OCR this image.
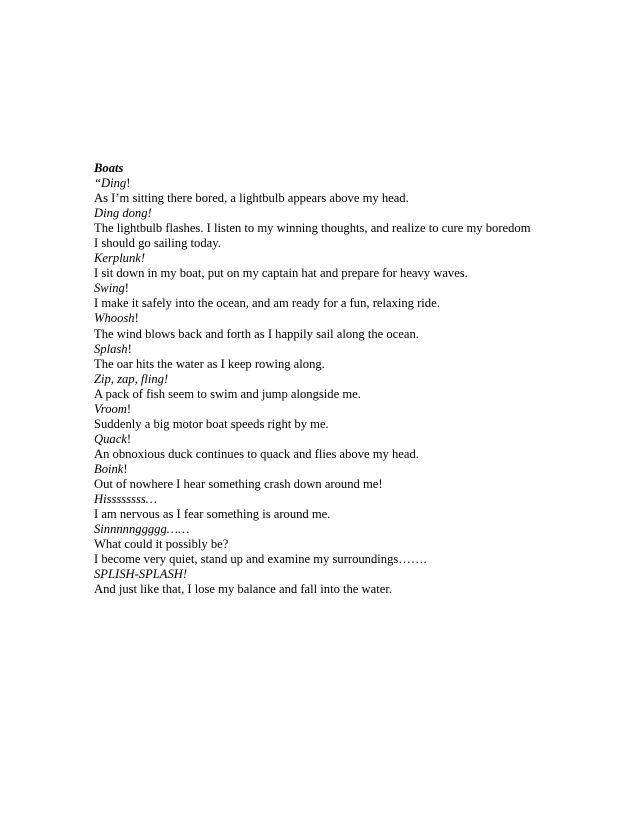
Boats
“Ding!
As I’m sitting there bored, a lightbulb appears above my head.
Ding dong!
The lightbulb flashes. I listen to my winning thoughts, and realize to cure my boredom I should go sailing today.
Kerplunk!
I sit down in my boat, put on my captain hat and prepare for heavy waves.
Swing!
I make it safely into the ocean, and am ready for a fun, relaxing ride.
Whoosh!
The wind blows back and forth as I happily sail along the ocean.
Splash!
The oar hits the water as I keep rowing along.
Zip, zap, fling!
A pack of fish seem to swim and jump alongside me.
Vroom!
Suddenly a big motor boat speeds right by me.
Quack!
An obnoxious duck continues to quack and flies above my head.
Boink!
Out of nowhere I hear something crash down around me!
Hissssssss…
I am nervous as I fear something is around me.
Sinnnnnggggg……
What could it possibly be?
I become very quiet, stand up and examine my surroundings…….
SPLISH-SPLASH!
And just like that, I lose my balance and fall into the water.
